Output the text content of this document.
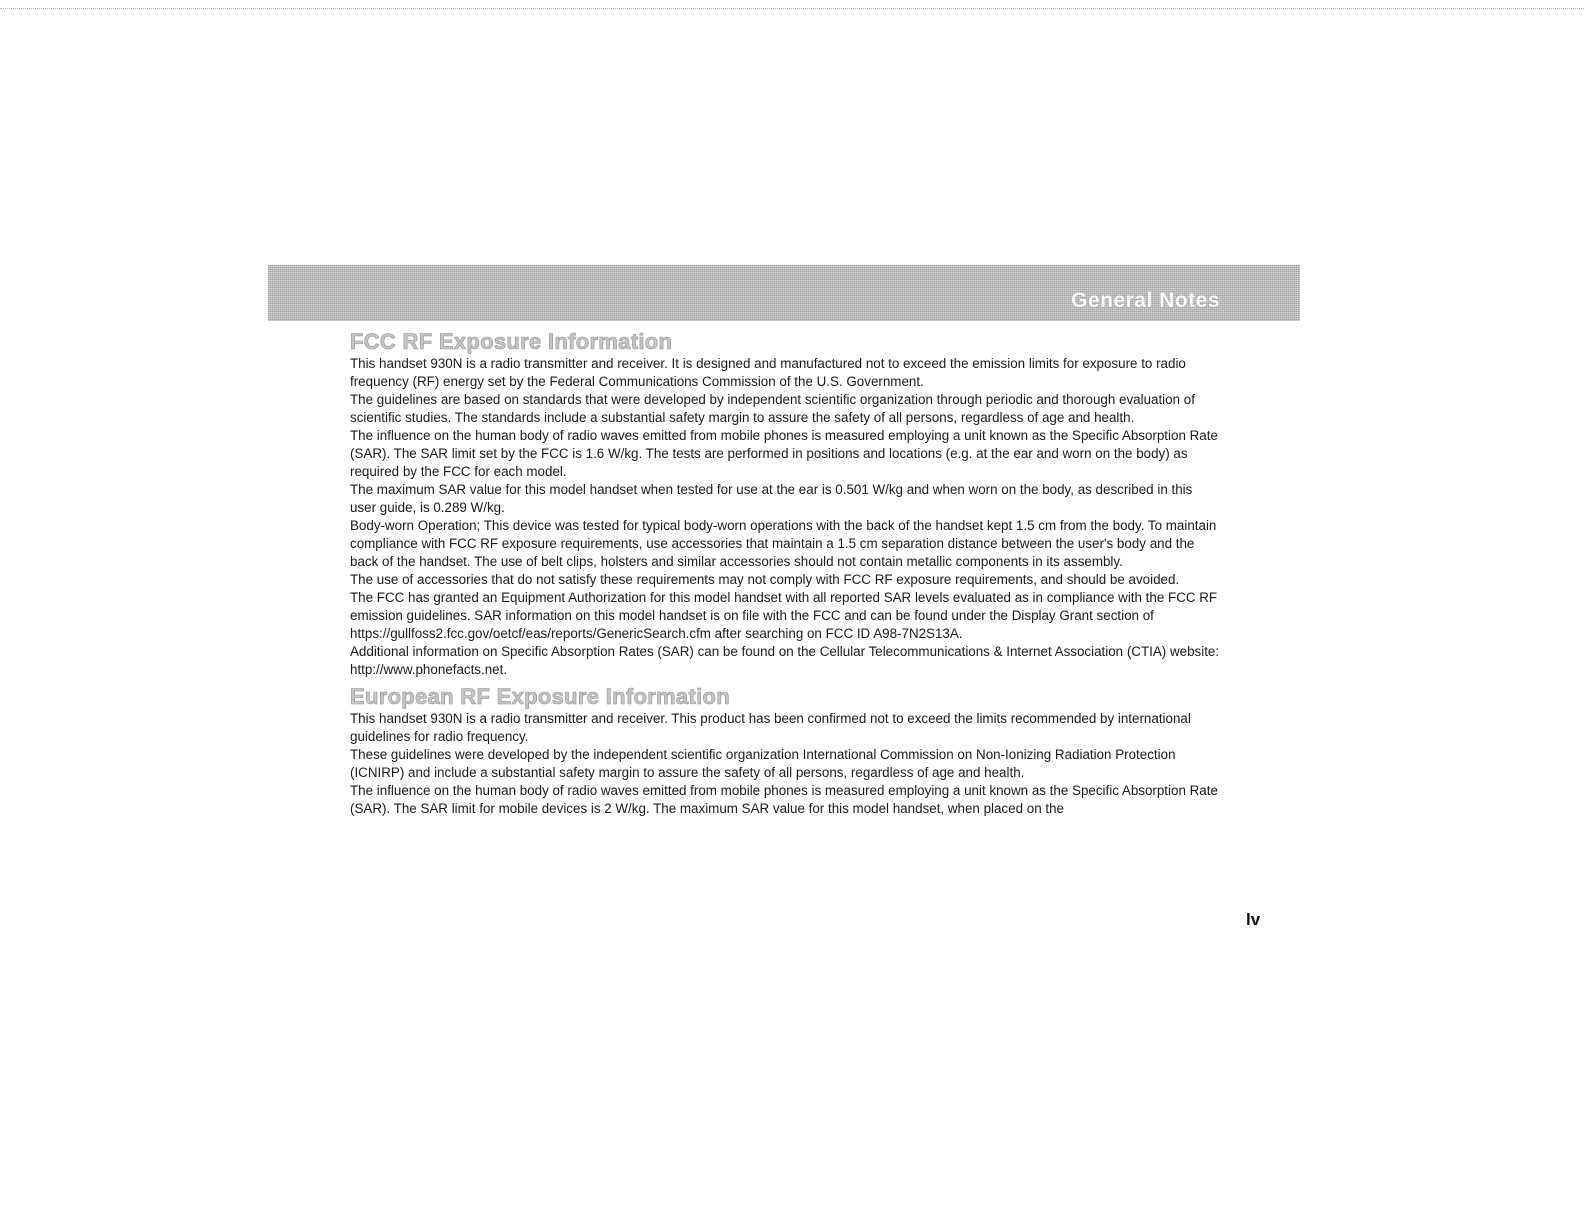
General Notes
FCC RF Exposure Information

This handset 930N is a radio transmitter and receiver. It is designed and manufactured not to exceed the emission limits for exposure to radio frequency (RF) energy set by the Federal Communications Commission of the U.S. Government.

The guidelines are based on standards that were developed by independent scientific organization through periodic and thorough evaluation of scientific studies. The standards include a substantial safety margin to assure the safety of all persons, regardless of age and health.

The influence on the human body of radio waves emitted from mobile phones is measured employing a unit known as the Specific Absorption Rate (SAR). The SAR limit set by the FCC is 1.6 W/kg. The tests are performed in positions and locations (e.g. at the ear and worn on the body) as required by the FCC for each model.

The maximum SAR value for this model handset when tested for use at the ear is 0.501 W/kg and when worn on the body, as described in this user guide, is 0.289 W/kg.

Body-worn Operation; This device was tested for typical body-worn operations with the back of the handset kept 1.5 cm from the body. To maintain compliance with FCC RF exposure requirements, use accessories that maintain a 1.5 cm separation distance between the user's body and the back of the handset. The use of belt clips, holsters and similar accessories should not contain metallic components in its assembly.

The use of accessories that do not satisfy these requirements may not comply with FCC RF exposure requirements, and should be avoided.

The FCC has granted an Equipment Authorization for this model handset with all reported SAR levels evaluated as in compliance with the FCC RF emission guidelines. SAR information on this model handset is on file with the FCC and can be found under the Display Grant section of https://gullfoss2.fcc.gov/oetcf/eas/reports/GenericSearch.cfm after searching on FCC ID A98-7N2S13A.

Additional information on Specific Absorption Rates (SAR) can be found on the Cellular Telecommunications & Internet Association (CTIA) website:

http://www.phonefacts.net.

European RF Exposure Information

This handset 930N is a radio transmitter and receiver. This product has been confirmed not to exceed the limits recommended by international guidelines for radio frequency.

These guidelines were developed by the independent scientific organization International Commission on Non-Ionizing Radiation Protection (ICNIRP) and include a substantial safety margin to assure the safety of all persons, regardless of age and health.

The influence on the human body of radio waves emitted from mobile phones is measured employing a unit known as the Specific Absorption Rate (SAR). The SAR limit for mobile devices is 2 W/kg. The maximum SAR value for this model handset, when placed on the

lv
